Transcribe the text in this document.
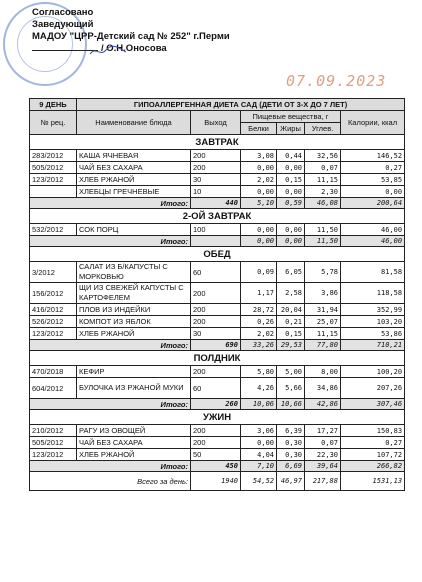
Согласовано
Заведующий
МАДОУ "ЦРР-Детский сад № 252" г.Перми
/ О.Н.Оносова
07.09.2023
9 ДЕНЬ	ГИПОАЛЛЕРГЕННАЯ ДИЕТА САД (ДЕТИ ОТ 3-Х ДО 7 ЛЕТ)					
№ рец.	Наименование блюда	Выход	Пищевые вещества, г			Калории, ккал
			Белки	Жиры	Углев.	
ЗАВТРАК						
283/2012	КАША ЯЧНЕВАЯ	200	3,08	0,44	32,56	146,52
505/2012	ЧАЙ БЕЗ САХАРА	200	0,00	0,00	0,07	0,27
123/2012	ХЛЕБ РЖАНОЙ	30	2,02	0,15	11,15	53,85
	ХЛЕБЦЫ ГРЕЧНЕВЫЕ	10	0,00	0,00	2,30	0,00
Итого:		440	5,10	0,59	46,08	200,64
2-ОЙ ЗАВТРАК						
532/2012	СОК ПОРЦ	100	0,00	0,00	11,50	46,00
Итого:			0,00	0,00	11,50	46,00
ОБЕД						
3/2012	САЛАТ ИЗ Б/КАПУСТЫ С МОРКОВЬЮ	60	0,09	6,05	5,78	81,58
156/2012	ЩИ ИЗ СВЕЖЕЙ КАПУСТЫ С КАРТОФЕЛЕМ	200	1,17	2,58	3,86	118,58
416/2012	ПЛОВ ИЗ ИНДЕЙКИ	200	28,72	20,04	31,94	352,99
526/2012	КОМПОТ ИЗ ЯБЛОК	200	0,26	0,21	25,07	103,20
123/2012	ХЛЕБ РЖАНОЙ	30	2,02	0,15	11,15	53,86
Итого:		690	33,26	29,53	77,80	710,21
ПОЛДНИК						
470/2018	КЕФИР	200	5,80	5,00	8,00	100,20
604/2012	БУЛОЧКА ИЗ РЖАНОЙ МУКИ	60	4,26	5,66	34,86	207,26
Итого:		260	10,06	10,66	42,86	307,46
УЖИН						
210/2012	РАГУ ИЗ ОВОЩЕЙ	200	3,06	6,39	17,27	150,83
505/2012	ЧАЙ БЕЗ САХАРА	200	0,00	0,30	0,07	0,27
123/2012	ХЛЕБ РЖАНОЙ	50	4,04	0,30	22,30	107,72
Итого:		450	7,10	6,69	39,64	266,82
Всего за день:		1940	54,52	46,97	217,88	1531,13
